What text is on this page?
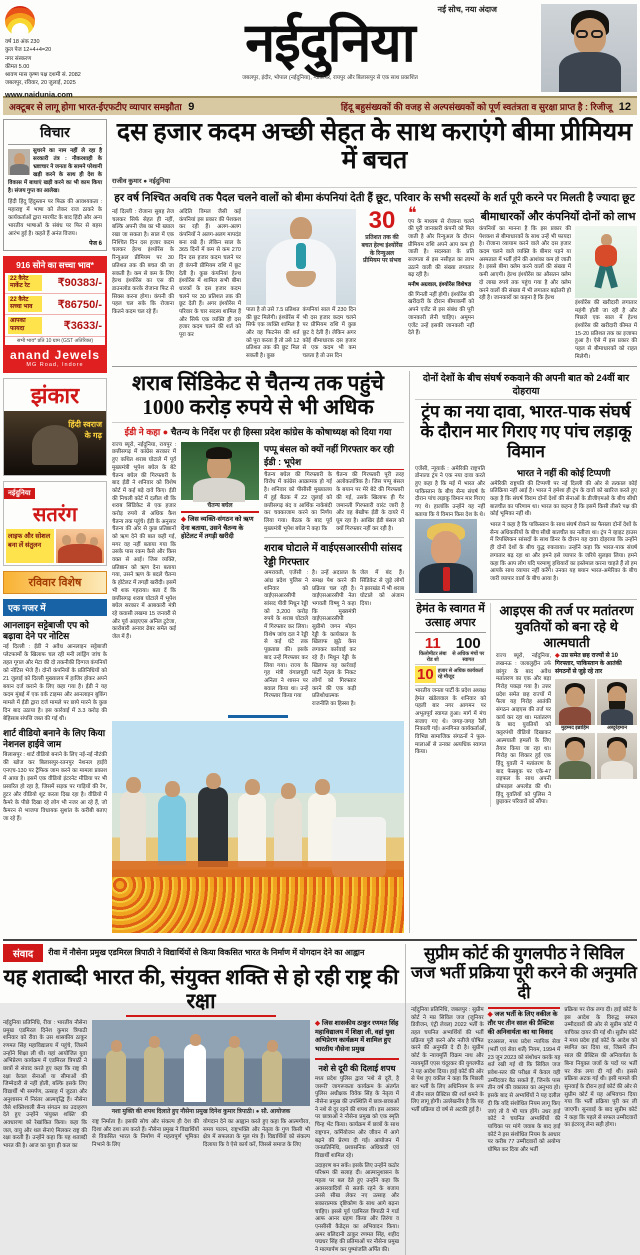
वर्ष 18 अंक 230
कुल पेज 12+4+4=20
नगर संस्करण
कीमत 5.00
श्रावण मास कृष्ण पक्ष दशमी सं. 2082
जबलपुर, रविवार, 20 जुलाई, 2025
www.naidunia.com
नई सोच, नया अंदाज
नईदुनिया
जबलपुर, इंदौर, भोपाल (नईदुनिया), ग्वालियर, रायपुर और बिलासपुर से एक साथ प्रकाशित
अक्टूबर से लागू होगा भारत-ईएफटीए व्यापार समझौता 9	हिंदू बहुसंख्यकों की वजह से अल्पसंख्यकों को पूर्ण स्वतंत्रता व सुरक्षा प्राप्त है : रिजीजू 12
विचार

सुधरने का नाम नहीं ले रहा है सरकारी तंत्र : नौकरशाही के भ्रष्टाचार ने जनता के सामने परेशानी खड़ी करने के साथ ही देश के विकास में बाधाएं खड़ी करने का भी काम किया है। संजय गुप्त का आलेख।

हिंदी हिंदू हिंदुस्तान पर फिक्र की आवश्यकता : महाराष्ट्र में भाषा को लेकर राज ठाकरे के कार्यकर्ताओं द्वारा मारपीट के बाद हिंदी और अन्य भारतीय भाषाओं के संबंध पर फिर से बहस आरंभ हुई है। कहते हैं अनंत विजय।

पेज 6
916 सोने का सच्चा भाव*
22 कैरेट मार्केट रेट	₹90383/-
22 कैरेट सच्चा भाव	₹86750/-
आपका फायदा	₹3633/-
सभी भाव* प्रति 10 ग्राम (GST अतिरिक्त)
anand Jewels
MG Road, Indore
झंकार
हिंदी स्वराज के गढ़
नईदुनिया
सतरंग
लाइफ और सोशल बना लें संतुलन
रविवार विशेष
एक नजर में
आनलाइन सट्टेबाजी एप को बढ़ावा देने पर नोटिस

नई दिल्ली : ईडी ने अवैध आनलाइन सट्टेबाजी प्लेटफार्मों के खिलाफ चल रही मनी लांड्रिंग जांच के तहत गूगल और मेटा की दो तकनीकी दिग्गज कंपनियों को नोटिस भेजे हैं। दोनों कंपनियों के प्रतिनिधियों को 21 जुलाई को दिल्ली मुख्यालय में हाजिर होकर अपने बयान दर्ज कराने के लिए कहा गया है। ईडी ने यह कदम मुंबई में एक वर्क टाइम्स और आनलाइन बुकिंग मामले में ईडी द्वारा दर्ज मामले पर छापे मारने के कुछ दिन बाद उठाया है। इस कार्रवाई में 3.3 करोड़ की बेहिसाब संपत्ति जब्त की गई थी।

शार्ट वीडियो बनाने के लिए किया नेशनल हाईवे जाम

बिलासपुर : शार्ट वीडियो बनाने के लिए नई-नई नौटंकी की खोज कर बिलासपुर-रतनपुर नेशनल हाईवे एनएच-130 पर ट्रैफिक जाम करने का मामला प्रकाश में आया है। इसमें एक वीडियो इंटरनेट मीडिया पर भी प्रसारित हो रहा है, जिसमें सड़क पर गाड़ियों की रेंग, हूटर और वीडियो शूट करता दिख रहा है। वीडियो में कैमरे के पीछे दिखा रहे लोग भी नजर आ रहे हैं, जो कैमरन से भाजपा विधायक सुशांत के करीबी बताए जा रहे हैं।

दस हजार कदम अच्छी सेहत के साथ कराएंगे बीमा प्रीमियम में बचत
राजीव कुमार ● नईदुनिया
हर वर्ष निश्चित अवधि तक पैदल चलने वालों को बीमा कंपनियां देती हैं छूट, परिवार के सभी सदस्यों के शर्त पूरी करने पर मिलती है ज्यादा छूट

नई दिल्ली : रोजाना सुबह तेज चलकर सिर्फ सेहत ही नहीं, बल्कि अपनी जेब का भी ख्याल रखा जा सकता है। साल में एक निश्चित दिन दस हजार कदम चलकर हेल्थ इंश्योरेंस के रिन्युअल प्रीमियम पर 30 प्रतिशत तक की बचत की जा सकती है। कम से कम के लिए हेल्थ इंश्योरेंस का एस की डाउनलोड करके रोजाना फिट से सिक्स करना होगा। कंपनी की पहल चल सके कि रोजाना कितने कदम चल रहे हैं।

अदिति विमल जैसी कई कंपनियां इस प्रकार की पेशकश कर रही हैं। अलग-अलग कंपनियों ने अलग-अलग मापदंड बना रखे हैं। लेकिन साल के 365 दिनों में कम से कम 270 दिन दस हजार कदम चलने पर ही कंपनी प्रीमियम राशि में छूट देती है। कुछ कंपनियां हेल्थ इंश्योरेंस में शामिल सभी बीमा धारकों के दस हजार कदम चलने पर 30 प्रतिशत तक की छूट देती हैं। अगर इंश्योरेंस में परिवार के चार सदस्य शामिल हैं और सिर्फ एक व्यक्ति ही दस हजार कदम चलने की शर्त को पूरा कर

पाता है तो उसे 7.5 प्रतिशत की छूट मिलेगी। इंश्योरेंस में सिर्फ एक व्यक्ति शामिल है और वह फिटनेस की शर्त को पूरा करता है तो उसे 12 प्रतिशत तक की छूट मिल सकती है। कुछ

कंपनियां साल में 230 दिन भी दस हजार कदम चलने पर प्रीमियम राशि में कुछ छूट दे देती हैं। लेकिन अगर कोई बीमाधारक दस हजार से एक कदम भी कम चलता है तो उस दिन

30
प्रतिशत तक की बचत हेल्थ इंश्योरेंस के रिन्युअल प्रीमियम पर संभव
❝

एप के माध्यम से रोजाना चलने की पूरी जानकारी कंपनी को मिल जाती है और रिन्युअल के दौरान प्रीमियम राशि अपने आप कम हो जाती है। सदस्यता के प्रति सजगता से इस नसीहत का लाभ उठाने वाली की संख्या लगातार बढ़ रही है।
मनीष अग्रवाल, इंश्योरेंस विशेषज्ञ

की गिनती नहीं होगी। इंश्योरेंस की खरीदारी के दौरान बीमाकर्मी को अपने एजेंट से इस संबंध की पूरी जानकारी लेनी चाहिए। अमूमन एजेंट उन्हें इसकी जानकारी नहीं देते हैं।

बीमाधारकों और कंपनियों दोनों को लाभ

कंपनियों का मानना है कि इस प्रकार की पेशकश से बीमाधारकों के साथ उन्हें भी फायदा है। रोजाना व्यायाम करने वाले और दस हजार कदम चलने वाले व्यक्ति के बीमार पड़ने या अस्पताल में भर्ती होने की आशंका कम हो जाती है। इससे बीमा क्लेम करने वालों की संख्या में कमी आएगी। हेल्थ इंश्योरेंस का औसतन क्लेम दो लाख रुपये तक पहुंच गया है और क्लेम करने वालों की संख्या में भी लगातार बढ़ोतरी हो रही है। जानकारों का कहना है कि हेल्थ

इंश्योरेंस की खरीदारी लगातार महंगी होती जा रही है और पिछले एक साल में हेल्थ इंश्योरेंस की खरीदारी कीमत में 15-20 प्रतिशत तक का इजाफा हुआ है। ऐसे में इस प्रकार की पहल से बीमाधारकों को राहत मिलेगी।

शराब सिंडिकेट से चैतन्य तक पहुंचे 1000 करोड़ रुपये से भी अधिक
ईडी ने कहा ● चैतन्य के निर्देश पर ही हिस्सा प्रदेश कांग्रेस के कोषाध्यक्ष को दिया गया

राज्य ब्यूरो, नईदुनिया, रायपुर : छत्तीसगढ़ में कांग्रेस सरकार में हुए कथित शराब घोटाले में पूर्व मुख्यमंत्री भूपेश बघेल के बेटे चैतन्य बघेल की गिरफ्तारी के बाद ईडी ने शनिवार को विशेष कोर्ट में कई बड़े दावे किए। ईडी की निचली कोर्ट में दलील थी कि शराब सिंडिकेट से एक हजार करोड़ रुपये से अधिक कैश चैतन्य तक पहुंचे। ईडी के अनुसार चैतन्य की ओर से कुछ प्रतिष्ठानों को ऋण देने की बात कही गई, मगर वह नहीं बताया गया कि उसके पास रकम कैसे और किस वक्त से आई। जिस व्यक्ति, प्रतिष्ठान को ऋण देना बताया गया, उसने ऋण के बदले चैतन्य के होटेलट में तगड़ी खरीदी। इसमें भी शक गहराया। बता दें कि छत्तीसगढ़ शराब घोटाले में भूपेश बघेल सरकार में आबकारी मंत्री रहे कवासी लखमा 15 जनवरी से और पूर्व आइएएस अनिल टुटेजा, कारोबारी अनवर ढेबर समेत कई जेल में हैं।

चैतन्य बघेल

◆ जिस व्यक्ति-संगठन को ऋण देना बताया, उसने चैतन्य के होटेलट में तगड़ी खरीदी

पप्पू बंसल को क्यों नहीं गिरफ्तार कर रही ईडी : भूपेश

चैतन्य बघेल की गिरफ्तारी के विरोध में कांग्रेस आक्रामक हो गई है। शनिवार को पीसीसी मुख्यालय में हुई बैठक में 22 जुलाई को छत्तीसगढ़ बंद व आर्थिक नाकेबंदी कर चक्काजाम करने का निर्णय लिया गया। बैठक के बाद पूर्व मुख्यमंत्री भूपेश बघेल ने कहा कि

चैतन्य की गिरफ्तारी पूरी तरह अलोकतांत्रिक है। जिस पप्पू बंसल के बयान पर मेरे बेटे की गिरफ्तारी की गई, उसके खिलाफ ही गैर जमानती गिरफ्तारी वारंट जारी है और वह बेखौफ ईडी के दायरे में घूम रहा है। आखिर ईडी बंसल को क्यों गिरफ्तार नहीं कर रही है।

शराब घोटाले में वाईएसआरसीपी सांसद रेड्डी गिरफ्तार

अमरावती, एजेंसी : आंध्र प्रदेश पुलिस ने शनिवार को वाईएसआरसीपी सांसद पीवी मिधुन रेड्डी को 3,200 करोड़ रुपये के शराब घोटाले में गिरफ्तार कर लिया। विशेष जांच दल ने रेड्डी से कई घंटे तक पूछताछ की। इसके बाद उन्हें गिरफ्तार कर लिया गया। राज्य के गृह मंत्री वंगालपुड़ी अनिता ने शासन पर बवाल किया था। उन्हें गिरफ्तार किया गया

है। उन्हें अदालत के समक्ष पेश करने की प्रक्रिया चल रही है। वाईएसआरसीपी नेता भगवती विष्णु ने कहा कि मुख्यमंत्री वाईएसआरसीपी सुप्रीमो जगन मोहन रेड्डी के कार्यकाल के खिलाफ झूठे केस लगाकर कार्रवाई कर रहे हैं। मिधुन रेड्डी के खिलाफ यह कार्रवाई पार्टी नेतृत्व के निकट लोगों को गिरफ्तार करने की एक कड़ी प्रतिशोधात्मक राजनीति का हिस्सा है।

जेल में बंद हैं। सिंडिकेट से जुड़े लोगों ने झारखंड में भी शराब घोटाले को अंजाम दिया।

दोनों देशों के बीच संघर्ष रुकवाने की अपनी बात को 24वीं बार दोहराया
ट्रंप का नया दावा, भारत-पाक संघर्ष के दौरान मार गिराए गए पांच लड़ाकू विमान

एजेंसी, न्यूयार्क : अमेरिकी राष्ट्रपति डोनाल्ड ट्रंप ने एक नया दावा करते हुए कहा है कि मई में भारत और पाकिस्तान के बीच सैन्य संघर्ष के दौरान पांच लड़ाकू विमान मार गिराए गए थे। हालांकि उन्होंने यह नहीं बताया कि ये विमान किस देश के थे।

भारत ने नहीं की कोई टिप्पणी

अमेरिकी राष्ट्रपति की टिप्पणी पर नई दिल्ली की ओर से तत्काल कोई प्रतिक्रिया नहीं आई है। भारत ने हमेशा ही ट्रंप के दावों को खारिज करते हुए कहा है कि संघर्ष विराम दोनों देशों की सेनाओं के डीजीएमओ के बीच सीधी बातचीत का परिणाम था। भारत का कहना है कि इसमें किसी तीसरे पक्ष की कोई भूमिका नहीं थी।

भारत ने कहा है कि पाकिस्तान के साथ संघर्ष रोकने का फैसला दोनों देशों के सैन्य अधिकारियों के बीच सीधी बातचीत का नतीजा था। ट्रंप ने व्हाइट हाउस में रिपब्लिकन सांसदों के साथ डिनर के दौरान यह दावा दोहराया कि उन्होंने ही दोनों देशों के बीच युद्ध रुकवाया। उन्होंने कहा कि भारत-पाक संघर्ष लगातार बढ़ रहा था और हमने इसे व्यापार के जरिये सुलझा लिया। हमने कहा कि आप लोग यदि परमाणु हथियारों का इस्तेमाल करना चाहते हैं तो हम आपके साथ व्यापार नहीं करेंगे। उनका यह बयान भारत-अमेरिका के बीच जारी व्यापार वार्ता के बीच आया है।

हेमंत के स्वागत में उत्साह अपार
11
किलोमीटर लंबा रोड शो
100
से अधिक मंचों पर स्वागत
10 हजार से अधिक कार्यकर्ता रहे मौजूद

भारतीय जनता पार्टी के प्रदेश अध्यक्ष हेमंत खंडेलवाल के शनिवार को पहली बार नगर आगमन पर अभूतपूर्व स्वागत हुआ। मार्ग में मंच सजाए गए थे। जगह-जगह रैली निकाली गई। अनगिनत कार्यकर्ताओं, विभिन्न सामाजिक संगठनों ने फूल-मालाओं से उनका अत्यधिक स्वागत किया।

आइएस की तर्ज पर मतांतरण युवतियों को बना रहे थे आत्मघाती

राज्य ब्यूरो, नईदुनिया, लखनऊ : जलालुद्दीन उर्फ छांगुर के बाद अवैध मतांतरण का एक और बड़ा गिरोह पकड़ा गया है। उत्तर प्रदेश समेत छह राज्यों में फैला यह गिरोह आतंकी संगठन आइएस की तर्ज पर कार्य कर रहा था। मतांतरण के बाद युवतियों को कट्टरपंथी वीडियो दिखाकर आत्मघाती हमलों के लिए तैयार किया जा रहा था। गिरोह का शिकार हुई एक हिंदू युवती ने मतांतरण के बाद फेसबुक पर एके-47 राइफल के साथ अपनी प्रोफाइल अपलोड की थी। हिंदू युवतियों को पुलिस ने छुड़ाकर परिवारों को सौंपा।

◆ उप्र समेत छह राज्यों से 10 गिरफ्तार, पाकिस्तान के आतंकी संगठनों से जुड़े रहे तार

मुहम्मद इब्राहिम	अब्दुर्रहमान
संवाद	रीवा में नौसेना प्रमुख एडमिरल त्रिपाठी ने विद्यार्थियों से किया विकसित भारत के निर्माण में योगदान देने का आह्वान
यह शताब्दी भारत की, संयुक्त शक्ति से हो रही राष्ट्र की रक्षा

नईदुनिया प्रतिनिधि, रीवा : भारतीय नौसेना प्रमुख एडमिरल दिनेश कुमार त्रिपाठी शनिवार को रीवा के उस शासकीय ठाकुर रणमत सिंह महाविद्यालय में पहुंचे, जिसमें उन्होंने शिक्षा ली थी। यहां आयोजित युवा अभिप्रेरण कार्यक्रम में एडमिरल त्रिपाठी ने छात्रों से संवाद करते हुए कहा कि राष्ट्र की रक्षा केवल सेनाओं या सीमाओं की जिम्मेदारी से नहीं होती, बल्कि इसके लिए विद्यार्थी भी समर्पण, उत्साह में जुटता और अनुशासन में निरंतर आत्मवृद्धि हैं। नौसेना जैसे शक्तिशाली सैन्य संगठन का उदाहरण देते हुए उन्होंने 'संयुक्त शक्ति' की अवधारणा को रेखांकित किया। कहा कि जल, वायु और थल सेनाएं मिलकर राष्ट्र की रक्षा करती हैं। उन्होंने कहा कि यह शताब्दी भारत की है। आज का युवा ही कल का

नशा मुक्ति की शपथ दिलाते हुए नौसेना प्रमुख दिनेश कुमार त्रिपाठी। ● सौ. आयोजक

राष्ट्र निर्माता है। इसकी सोच और संकल्प ही देश की दिशा और दशा तय करते हैं। नौसेना प्रमुख ने विद्यार्थियों से विकसित भारत के निर्माण में महत्वपूर्ण भूमिका निभाने के लिए

योगदान देने का आह्वान करते हुए कहा कि आत्मगौरव, समय पालन, राष्ट्रभक्ति और नेतृत्व के गुण किसी भी क्षेत्र में सफलता के मूल मंत्र हैं। विद्यार्थियों को संकल्प दिलाया कि वे ऐसे कार्य करें, जिससे समाज के लिए

◆ जिस शासकीय ठाकुर रणमत सिंह महाविद्यालय में शिक्षा ली, वहां युवा अभिप्रेरण कार्यक्रम में शामिल हुए भारतीय नौसेना प्रमुख

नशे से दूरी की दिलाई शपथ

मध्य प्रदेश पुलिस द्वारा 'नशे से दूरी, है जरूरी' जागरूकता कार्यक्रम के अंतर्गत पुलिस अधीक्षक विवेक सिंह के नेतृत्व में नौसेना प्रमुख की उपस्थिति में छात्र-छात्राओं ने नशे से दूर रहने की शपथ ली। इस अवसर पर छात्राओं ने नौसेना प्रमुख को एक स्मृति चिन्ह भेंट किया। कार्यक्रम में छात्रों के साथ राष्ट्रगान, कर्मियोजन और जीवन में आगे बढ़ने की प्रेरणा दी गई। आयोजन में जनप्रतिनिधि, प्रशासनिक अधिकारी एवं विद्यार्थी शामिल रहे।

उदाहरण बन सकें। इसके लिए उन्होंने कठोर परिश्रम की सलाह दी। आत्मानुशासन के महत्व पर बल देते हुए उन्होंने कहा कि अवसरवादियों से सतर्क रहने के बजाय उनसे सीख लेकर नए उत्साह और सकारात्मक दृष्टिकोण के साथ आगे बढ़ना चाहिए। इससे पूर्व एडमिरल त्रिपाठी ने गार्ड आफ आनर ग्रहण किया और तिरंगा व एनसीसी कैडेट्स का अभिवादन किया। अमर बलिदानी ठाकुर रणमत सिंह, शहीद पद्मधर सिंह की प्रतिमाओं पर नौसेना प्रमुख ने माल्यार्पण कर पुष्पांजलि अर्पित की।

सुप्रीम कोर्ट की युगलपीठ ने सिविल जज भर्ती प्रक्रिया पूरी करने की अनुमति दी

नईदुनिया प्रतिनिधि, जबलपुर : सुप्रीम कोर्ट ने मप्र सिविल जज (जूनियर डिवीजन, एंट्री लेवल) 2022 भर्ती के तहत चयनित अभ्यर्थियों की भर्ती प्रक्रिया पूरी करने और नतीजे घोषित करने की अनुमति दे दी है। सुप्रीम कोर्ट के न्यायमूर्ति विक्रम नाथ और न्यायमूर्ति एएस चंदूरकर की युगलपीठ ने यह आदेश दिया। हाई कोर्ट की ओर से पेश हुए वकील ने कहा कि पिछली बार भर्ती के लिए अधिनियम के रूप में तीन साल प्रैक्टिस की शर्त थमने के लिए लागू होगी। उल्लेखनीय है कि यह भर्ती प्रक्रिया दो वर्ष से अटकी हुई है।

◆ जज भर्ती के लिए वकील के तौर पर तीन साल की प्रैक्टिस की अनिवार्यता का था विवाद

दरअसल, मध्य प्रदेश न्यायिक सेवा (भर्ती एवं सेवा शर्तें) नियम, 1994 में 23 जून 2023 को संशोधन करके यह शर्त रखी गई थी कि सिविल जज प्रवेश-स्तर की परीक्षा में केवल वही उम्मीदवार बैठ सकते हैं, जिनके पास तीन वर्ष की वकालत का अनुभव हो। इसके बाद से अभ्यर्थियों ने यह दलील दी कि यदि संशोधित नियम लागू किए जाएं तो वे भी पात्र होंगे। उधर हाई कोर्ट ने चयनित अभ्यर्थियों की याचिका पर मांगे जवाब के बाद हाई कोर्ट ने इस संशोधित नियम के आधार पर करीब 77 उम्मीदवारों को अयोग्य घोषित कर दिया और भर्ती

प्रक्रिया पर रोक लगा दी। हाई कोर्ट के इस आदेश के विरुद्ध सफल उम्मीदवारों की ओर से सुप्रीम कोर्ट में याचिका दायर की गई थी। सुप्रीम कोर्ट ने मध्य प्रदेश हाई कोर्ट के आदेश को स्थगित कर दिया था, जिसमें तीन साल की प्रैक्टिस की अनिवार्यता के बिना नियुक्त जजों के पदों पर भर्ती पर रोक लगा दी गई थी। इससे प्रक्रिया अटक गई थी। इसी मामले की सुनवाई के दौरान हाई कोर्ट की ओर से सुप्रीम कोर्ट में यह अभिवचन दिया गया कि भर्ती प्रक्रिया पूरी कर ली जाएगी। सुनवाई के बाद सुप्रीम कोर्ट ने कहा कि पहले से सफल उम्मीदवारों का इंटरव्यू लेना सही होगा।
